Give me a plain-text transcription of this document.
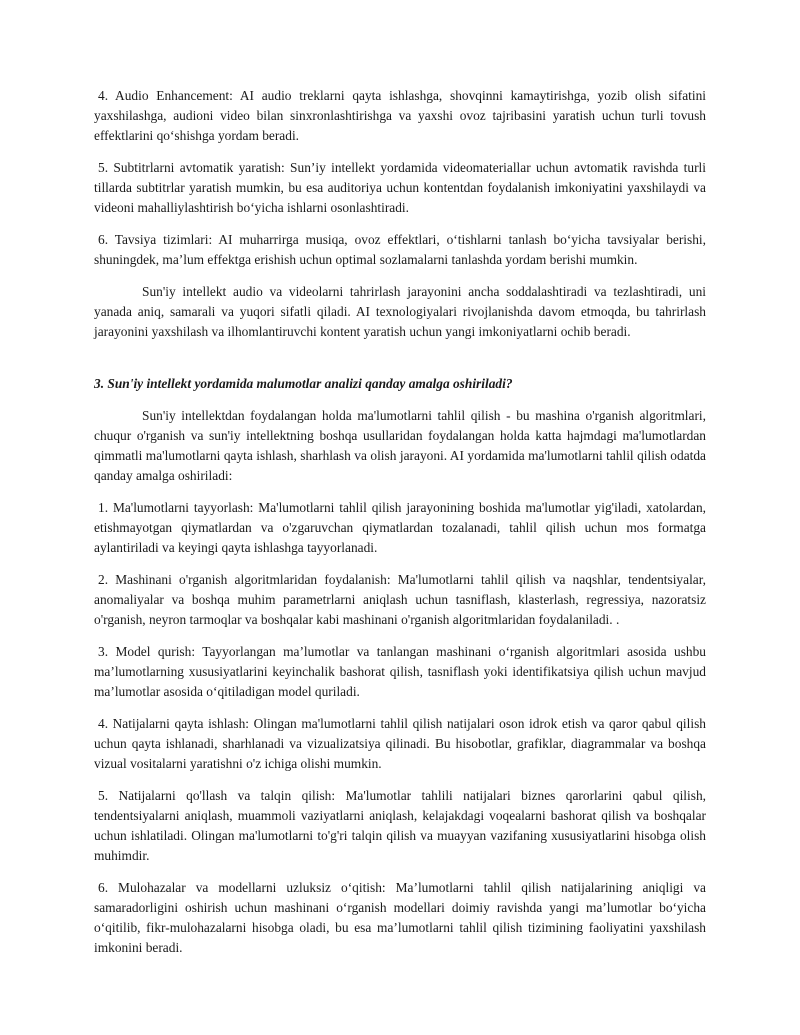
4. Audio Enhancement: AI audio treklarni qayta ishlashga, shovqinni kamaytirishga, yozib olish sifatini yaxshilashga, audioni video bilan sinxronlashtirishga va yaxshi ovoz tajribasini yaratish uchun turli tovush effektlarini qo‘shishga yordam beradi.

5. Subtitrlarni avtomatik yaratish: Sun’iy intellekt yordamida videomateriallar uchun avtomatik ravishda turli tillarda subtitrlar yaratish mumkin, bu esa auditoriya uchun kontentdan foydalanish imkoniyatini yaxshilaydi va videoni mahalliylashtirish bo‘yicha ishlarni osonlashtiradi.

6. Tavsiya tizimlari: AI muharrirga musiqa, ovoz effektlari, o‘tishlarni tanlash bo‘yicha tavsiyalar berishi, shuningdek, ma’lum effektga erishish uchun optimal sozlamalarni tanlashda yordam berishi mumkin.

Sun'iy intellekt audio va videolarni tahrirlash jarayonini ancha soddalashtiradi va tezlashtiradi, uni yanada aniq, samarali va yuqori sifatli qiladi. AI texnologiyalari rivojlanishda davom etmoqda, bu tahrirlash jarayonini yaxshilash va ilhomlantiruvchi kontent yaratish uchun yangi imkoniyatlarni ochib beradi.

3. Sun'iy intellekt yordamida malumotlar analizi qanday amalga oshiriladi?

Sun'iy intellektdan foydalangan holda ma'lumotlarni tahlil qilish - bu mashina o'rganish algoritmlari, chuqur o'rganish va sun'iy intellektning boshqa usullaridan foydalangan holda katta hajmdagi ma'lumotlardan qimmatli ma'lumotlarni qayta ishlash, sharhlash va olish jarayoni. AI yordamida ma'lumotlarni tahlil qilish odatda qanday amalga oshiriladi:

1. Ma'lumotlarni tayyorlash: Ma'lumotlarni tahlil qilish jarayonining boshida ma'lumotlar yig'iladi, xatolardan, etishmayotgan qiymatlardan va o'zgaruvchan qiymatlardan tozalanadi, tahlil qilish uchun mos formatga aylantiriladi va keyingi qayta ishlashga tayyorlanadi.

2. Mashinani o'rganish algoritmlaridan foydalanish: Ma'lumotlarni tahlil qilish va naqshlar, tendentsiyalar, anomaliyalar va boshqa muhim parametrlarni aniqlash uchun tasniflash, klasterlash, regressiya, nazoratsiz o'rganish, neyron tarmoqlar va boshqalar kabi mashinani o'rganish algoritmlaridan foydalaniladi. .

3. Model qurish: Tayyorlangan ma’lumotlar va tanlangan mashinani o‘rganish algoritmlari asosida ushbu ma’lumotlarning xususiyatlarini keyinchalik bashorat qilish, tasniflash yoki identifikatsiya qilish uchun mavjud ma’lumotlar asosida o‘qitiladigan model quriladi.

4. Natijalarni qayta ishlash: Olingan ma'lumotlarni tahlil qilish natijalari oson idrok etish va qaror qabul qilish uchun qayta ishlanadi, sharhlanadi va vizualizatsiya qilinadi. Bu hisobotlar, grafiklar, diagrammalar va boshqa vizual vositalarni yaratishni o'z ichiga olishi mumkin.

5. Natijalarni qo'llash va talqin qilish: Ma'lumotlar tahlili natijalari biznes qarorlarini qabul qilish, tendentsiyalarni aniqlash, muammoli vaziyatlarni aniqlash, kelajakdagi voqealarni bashorat qilish va boshqalar uchun ishlatiladi. Olingan ma'lumotlarni to'g'ri talqin qilish va muayyan vazifaning xususiyatlarini hisobga olish muhimdir.

6. Mulohazalar va modellarni uzluksiz o‘qitish: Ma’lumotlarni tahlil qilish natijalarining aniqligi va samaradorligini oshirish uchun mashinani o‘rganish modellari doimiy ravishda yangi ma’lumotlar bo‘yicha o‘qitilib, fikr-mulohazalarni hisobga oladi, bu esa ma’lumotlarni tahlil qilish tizimining faoliyatini yaxshilash imkonini beradi.
